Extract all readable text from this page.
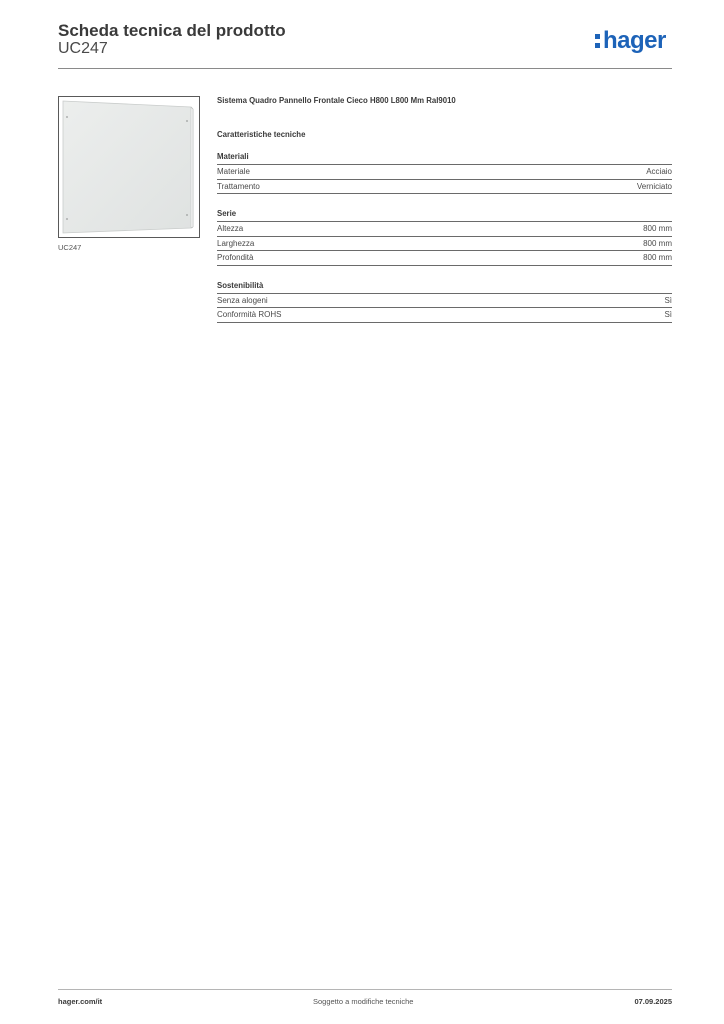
Scheda tecnica del prodotto
UC247	hager
UC247
Sistema Quadro Pannello Frontale Cieco H800 L800 Mm Ral9010
Caratteristiche tecniche
Materiali
Materiale	Acciaio
Trattamento	Verniciato
Serie
Altezza	800 mm
Larghezza	800 mm
Profondità	800 mm
Sostenibilità
Senza alogeni	Sì
Conformità ROHS	Sì
hager.com/it	Soggetto a modifiche tecniche	07.09.2025
